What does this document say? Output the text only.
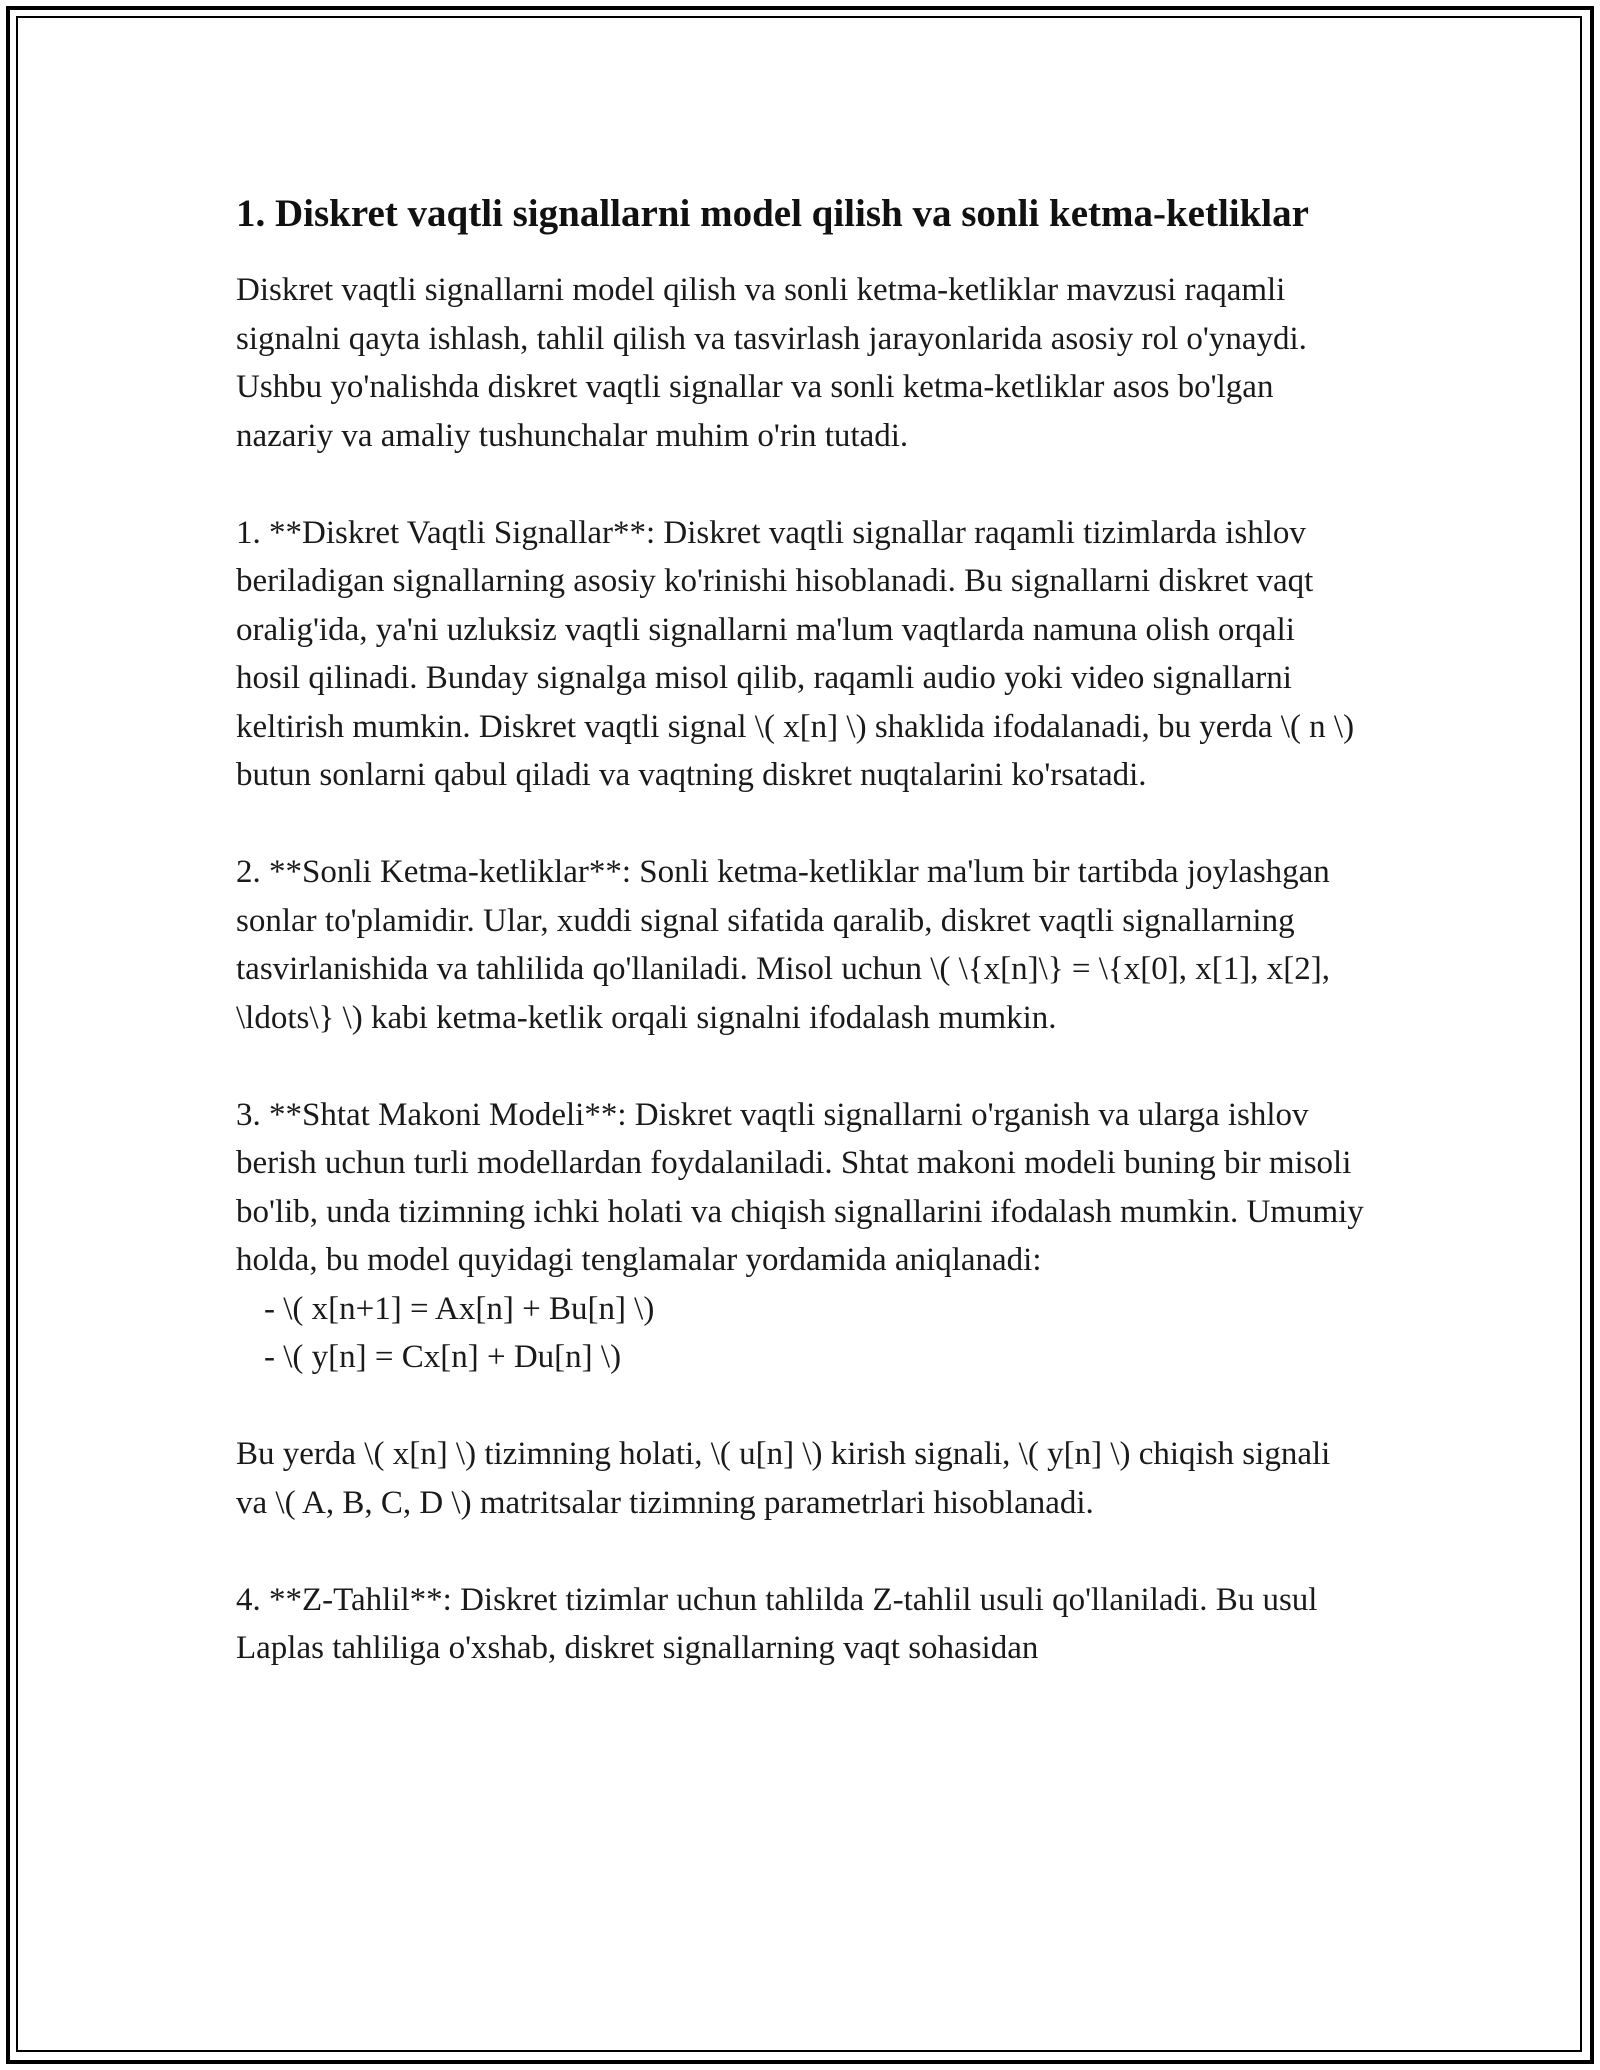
1. Diskret vaqtli signallarni model qilish va sonli ketma-ketliklar

Diskret vaqtli signallarni model qilish va sonli ketma-ketliklar mavzusi raqamli signalni qayta ishlash, tahlil qilish va tasvirlash jarayonlarida asosiy rol o'ynaydi. Ushbu yo'nalishda diskret vaqtli signallar va sonli ketma-ketliklar asos bo'lgan nazariy va amaliy tushunchalar muhim o'rin tutadi.

1. **Diskret Vaqtli Signallar**: Diskret vaqtli signallar raqamli tizimlarda ishlov beriladigan signallarning asosiy ko'rinishi hisoblanadi. Bu signallarni diskret vaqt oralig'ida, ya'ni uzluksiz vaqtli signallarni ma'lum vaqtlarda namuna olish orqali hosil qilinadi. Bunday signalga misol qilib, raqamli audio yoki video signallarni keltirish mumkin. Diskret vaqtli signal \( x[n] \) shaklida ifodalanadi, bu yerda \( n \) butun sonlarni qabul qiladi va vaqtning diskret nuqtalarini ko'rsatadi.

2. **Sonli Ketma-ketliklar**: Sonli ketma-ketliklar ma'lum bir tartibda joylashgan sonlar to'plamidir. Ular, xuddi signal sifatida qaralib, diskret vaqtli signallarning tasvirlanishida va tahlilida qo'llaniladi. Misol uchun \( \{x[n]\} = \{x[0], x[1], x[2], \ldots\} \) kabi ketma-ketlik orqali signalni ifodalash mumkin.

3. **Shtat Makoni Modeli**: Diskret vaqtli signallarni o'rganish va ularga ishlov berish uchun turli modellardan foydalaniladi. Shtat makoni modeli buning bir misoli bo'lib, unda tizimning ichki holati va chiqish signallarini ifodalash mumkin. Umumiy holda, bu model quyidagi tenglamalar yordamida aniqlanadi:

- \( x[n+1] = Ax[n] + Bu[n] \)
- \( y[n] = Cx[n] + Du[n] \)

Bu yerda \( x[n] \) tizimning holati, \( u[n] \) kirish signali, \( y[n] \) chiqish signali va \( A, B, C, D \) matritsalar tizimning parametrlari hisoblanadi.

4. **Z-Tahlil**: Diskret tizimlar uchun tahlilda Z-tahlil usuli qo'llaniladi. Bu usul Laplas tahliliga o'xshab, diskret signallarning vaqt sohasidan
